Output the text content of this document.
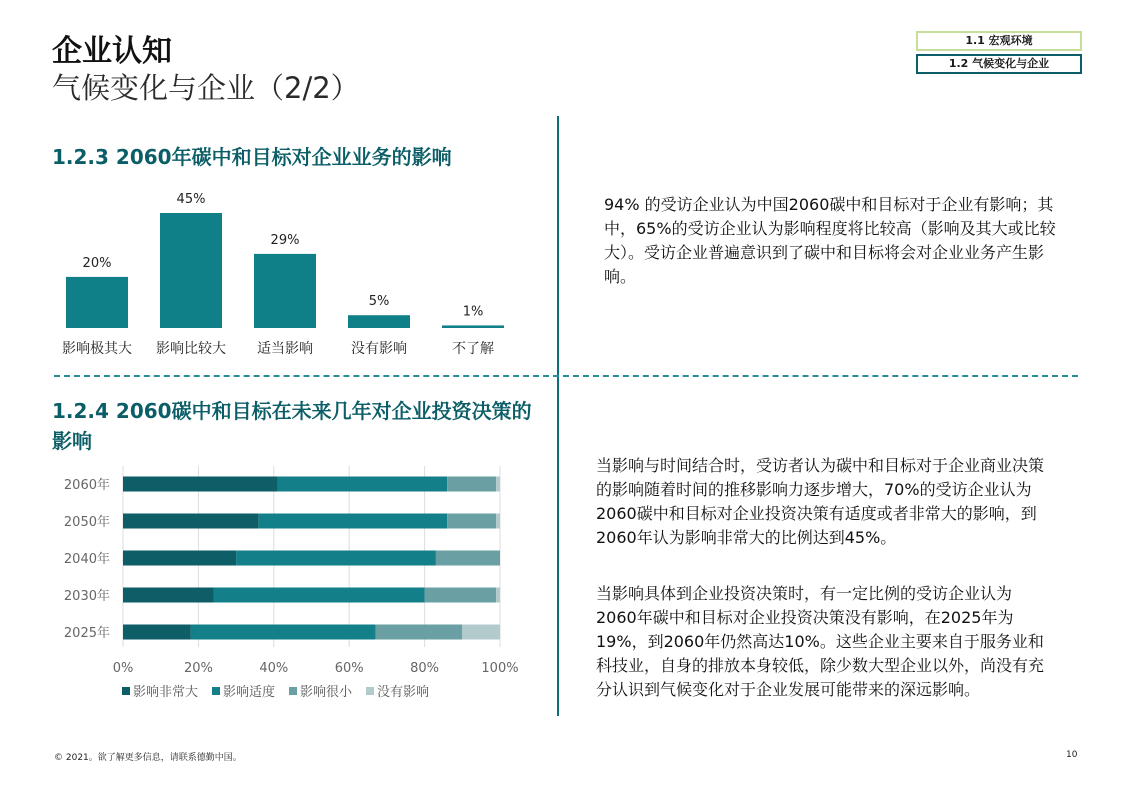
企业认知
气候变化与企业（2/2）
1.1 宏观环境
1.2 气候变化与企业
1.2.3 2060年碳中和目标对企业业务的影响
1.2.4 2060碳中和目标在未来几年对企业投资决策的影响
94% 的受访企业认为中国2060碳中和目标对于企业有影响；其中，65%的受访企业认为影响程度将比较高（影响及其大或比较大）。受访企业普遍意识到了碳中和目标将会对企业业务产生影响。
当影响与时间结合时，受访者认为碳中和目标对于企业商业决策的影响随着时间的推移影响力逐步增大，70%的受访企业认为2060碳中和目标对企业投资决策有适度或者非常大的影响，到2060年认为影响非常大的比例达到45%。
当影响具体到企业投资决策时，有一定比例的受访企业认为2060年碳中和目标对企业投资决策没有影响，在2025年为19%，到2060年仍然高达10%。这些企业主要来自于服务业和科技业，自身的排放本身较低，除少数大型企业以外，尚没有充分认识到气候变化对于企业发展可能带来的深远影响。
20%
影响极其大
45%
影响比较大
29%
适当影响
5%
没有影响
1%
不了解
0%	20%	40%	60%	80%	100%
2060年
2050年
2040年
2030年
2025年
影响非常大 影响适度 影响很小 没有影响
© 2021。欲了解更多信息，请联系德勤中国。	10
